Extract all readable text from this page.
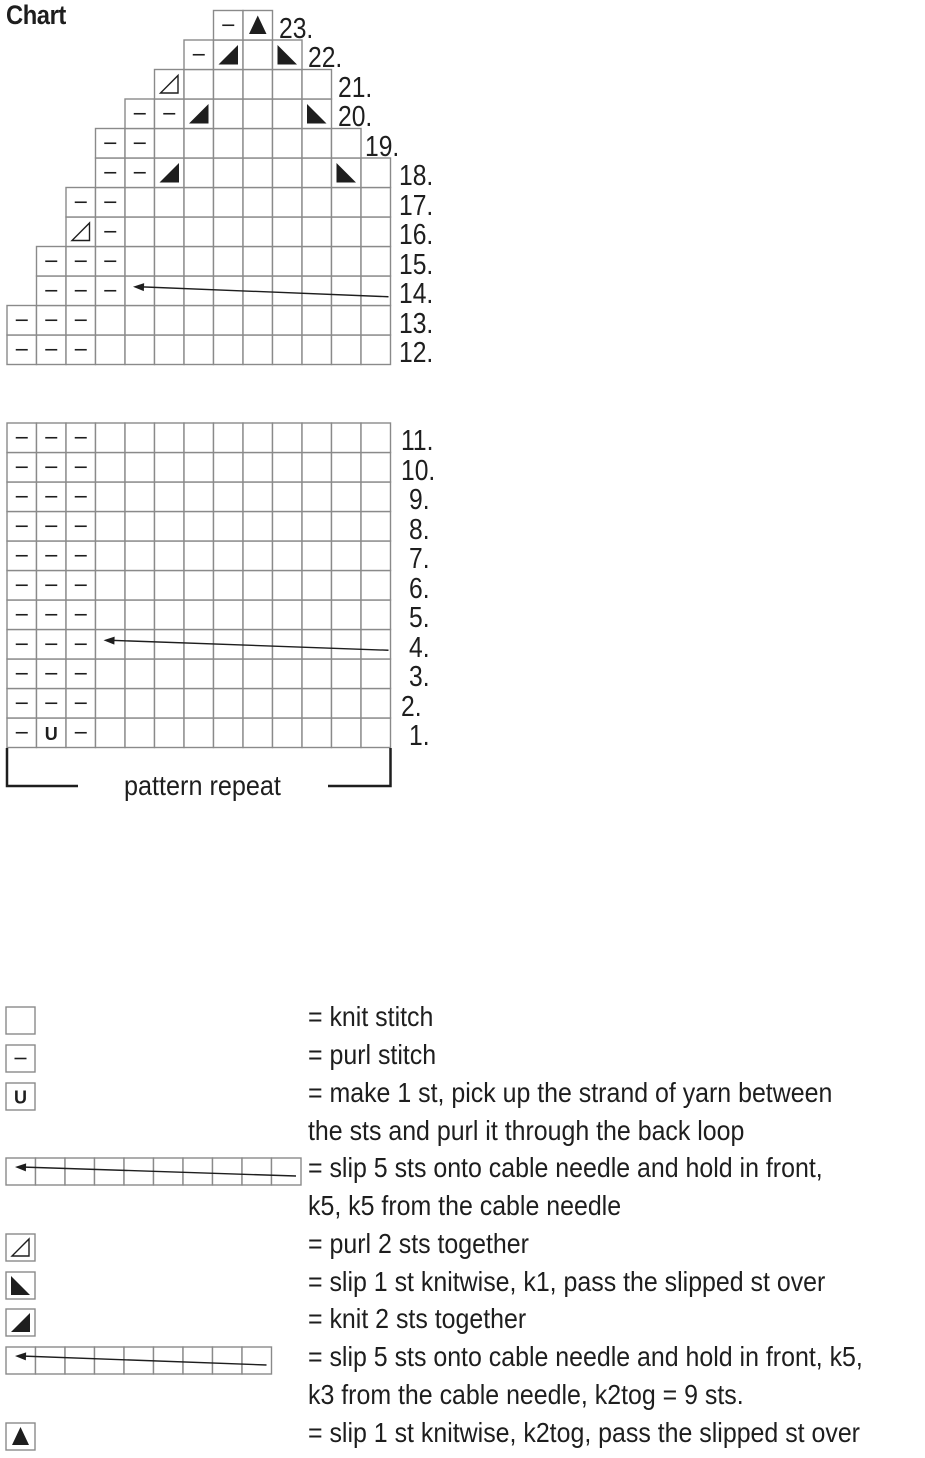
Chart
U
12.
13.
14.
15.
16.
17.
18.
19.
20.
21.
22.
23.
1.
2.
3.
4.
5.
6.
7.
8.
9.
10.
11.
pattern repeat
= knit stitch
= purl stitch
U	= make 1 st, pick up the strand of yarn between
the sts and purl it through the back loop
= slip 5 sts onto cable needle and hold in front,
k5, k5 from the cable needle
= purl 2 sts together
= slip 1 st knitwise, k1, pass the slipped st over
= knit 2 sts together
= slip 5 sts onto cable needle and hold in front, k5,
k3 from the cable needle, k2tog = 9 sts.
= slip 1 st knitwise, k2tog, pass the slipped st over
